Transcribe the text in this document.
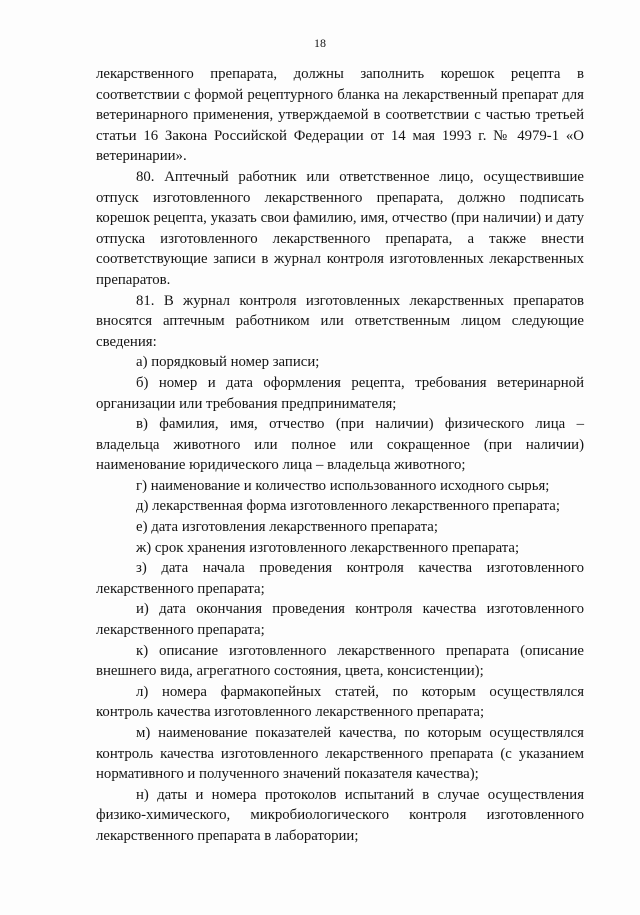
18

лекарственного препарата, должны заполнить корешок рецепта в соответствии с формой рецептурного бланка на лекарственный препарат для ветеринарного применения, утверждаемой в соответствии с частью третьей статьи 16 Закона Российской Федерации от 14 мая 1993 г. № 4979-1 «О ветеринарии».

80. Аптечный работник или ответственное лицо, осуществившие отпуск изготовленного лекарственного препарата, должно подписать корешок рецепта, указать свои фамилию, имя, отчество (при наличии) и дату отпуска изготовленного лекарственного препарата, а также внести соответствующие записи в журнал контроля изготовленных лекарственных препаратов.

81. В журнал контроля изготовленных лекарственных препаратов вносятся аптечным работником или ответственным лицом следующие сведения:

а) порядковый номер записи;

б) номер и дата оформления рецепта, требования ветеринарной организации или требования предпринимателя;

в) фамилия, имя, отчество (при наличии) физического лица – владельца животного или полное или сокращенное (при наличии) наименование юридического лица – владельца животного;

г) наименование и количество использованного исходного сырья;

д) лекарственная форма изготовленного лекарственного препарата;

е) дата изготовления лекарственного препарата;

ж) срок хранения изготовленного лекарственного препарата;

з) дата начала проведения контроля качества изготовленного лекарственного препарата;

и) дата окончания проведения контроля качества изготовленного лекарственного препарата;

к) описание изготовленного лекарственного препарата (описание внешнего вида, агрегатного состояния, цвета, консистенции);

л) номера фармакопейных статей, по которым осуществлялся контроль качества изготовленного лекарственного препарата;

м) наименование показателей качества, по которым осуществлялся контроль качества изготовленного лекарственного препарата (с указанием нормативного и полученного значений показателя качества);

н) даты и номера протоколов испытаний в случае осуществления физико-химического, микробиологического контроля изготовленного лекарственного препарата в лаборатории;
